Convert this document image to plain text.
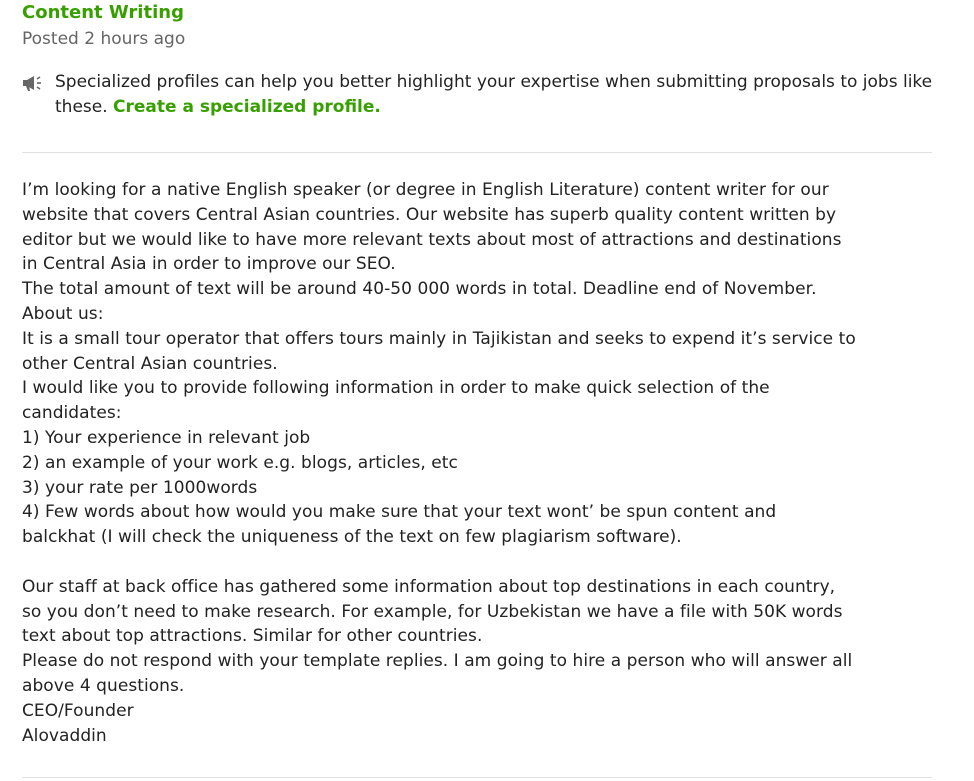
Content Writing
Posted 2 hours ago
Specialized profiles can help you better highlight your expertise when submitting proposals to jobs like these. Create a specialized profile.
I’m looking for a native English speaker (or degree in English Literature) content writer for our
website that covers Central Asian countries. Our website has superb quality content written by
editor but we would like to have more relevant texts about most of attractions and destinations
in Central Asia in order to improve our SEO.
The total amount of text will be around 40-50 000 words in total. Deadline end of November.
About us:
It is a small tour operator that offers tours mainly in Tajikistan and seeks to expend it’s service to
other Central Asian countries.
I would like you to provide following information in order to make quick selection of the
candidates:
1) Your experience in relevant job
2) an example of your work e.g. blogs, articles, etc
3) your rate per 1000words
4) Few words about how would you make sure that your text wont’ be spun content and
balckhat (I will check the uniqueness of the text on few plagiarism software).
Our staff at back office has gathered some information about top destinations in each country,
so you don’t need to make research. For example, for Uzbekistan we have a file with 50K words
text about top attractions. Similar for other countries.
Please do not respond with your template replies. I am going to hire a person who will answer all
above 4 questions.
CEO/Founder
Alovaddin
